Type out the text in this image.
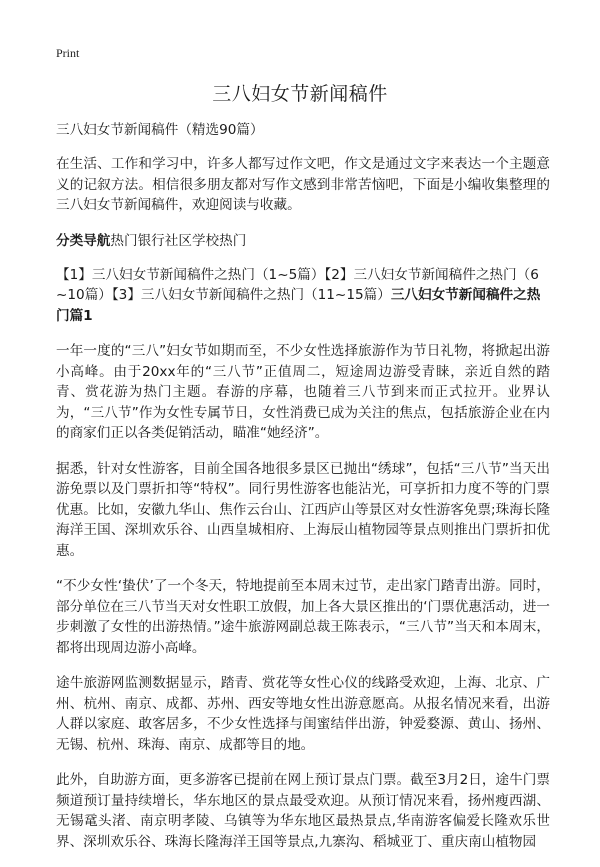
Print
三八妇女节新闻稿件

三八妇女节新闻稿件（精选90篇）

在生活、工作和学习中，许多人都写过作文吧，作文是通过文字来表达一个主题意义的记叙方法。相信很多朋友都对写作文感到非常苦恼吧，下面是小编收集整理的三八妇女节新闻稿件，欢迎阅读与收藏。

分类导航热门银行社区学校热门

【1】三八妇女节新闻稿件之热门（1~5篇）【2】三八妇女节新闻稿件之热门（6~10篇）【3】三八妇女节新闻稿件之热门（11~15篇）三八妇女节新闻稿件之热门篇1

一年一度的“三八”妇女节如期而至，不少女性选择旅游作为节日礼物，将掀起出游小高峰。由于20xx年的“三八节”正值周二，短途周边游受青睐，亲近自然的踏青、赏花游为热门主题。春游的序幕，也随着三八节到来而正式拉开。业界认为，“三八节”作为女性专属节日，女性消费已成为关注的焦点，包括旅游企业在内的商家们正以各类促销活动，瞄准“她经济”。

据悉，针对女性游客，目前全国各地很多景区已抛出“绣球”，包括“三八节”当天出游免票以及门票折扣等“特权”。同行男性游客也能沾光，可享折扣力度不等的门票优惠。比如，安徽九华山、焦作云台山、江西庐山等景区对女性游客免票;珠海长隆海洋王国、深圳欢乐谷、山西皇城相府、上海辰山植物园等景点则推出门票折扣优惠。

“不少女性‘蛰伏’了一个冬天，特地提前至本周末过节，走出家门踏青出游。同时，部分单位在三八节当天对女性职工放假，加上各大景区推出的‘门票优惠活动，进一步刺激了女性的出游热情。”途牛旅游网副总裁王陈表示，“三八节”当天和本周末，都将出现周边游小高峰。

途牛旅游网监测数据显示，踏青、赏花等女性心仪的线路受欢迎，上海、北京、广州、杭州、南京、成都、苏州、西安等地女性出游意愿高。从报名情况来看，出游人群以家庭、敢客居多，不少女性选择与闺蜜结伴出游，钟爱婺源、黄山、扬州、无锡、杭州、珠海、南京、成都等目的地。

此外，自助游方面，更多游客已提前在网上预订景点门票。截至3月2日，途牛门票频道预订量持续增长，华东地区的景点最受欢迎。从预订情况来看，扬州瘦西湖、无锡鼋头渚、南京明孝陵、乌镇等为华东地区最热景点,华南游客偏爱长隆欢乐世界、深圳欢乐谷、珠海长隆海洋王国等景点,九寨沟、稻城亚丁、重庆南山植物园
